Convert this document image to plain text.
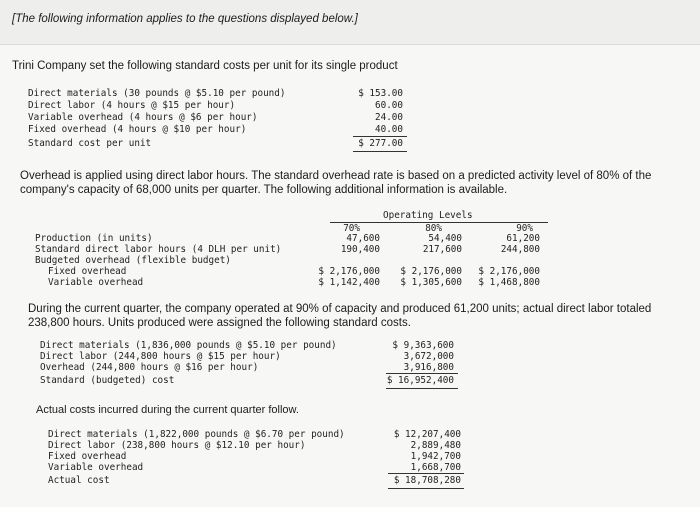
[The following information applies to the questions displayed below.]
Trini Company set the following standard costs per unit for its single product
Direct materials (30 pounds @ $5.10 per pound)	$ 153.00
Direct labor (4 hours @ $15 per hour)	60.00
Variable overhead (4 hours @ $6 per hour)	24.00
Fixed overhead (4 hours @ $10 per hour)	40.00
Standard cost per unit	$ 277.00
Overhead is applied using direct labor hours. The standard overhead rate is based on a predicted activity level of 80% of the company's capacity of 68,000 units per quarter. The following additional information is available.
Operating Levels
70%	80%	90%
Production (in units)	47,600	54,400	61,200
Standard direct labor hours (4 DLH per unit)	190,400	217,600	244,800
Budgeted overhead (flexible budget)
Fixed overhead	$ 2,176,000	$ 2,176,000	$ 2,176,000
Variable overhead	$ 1,142,400	$ 1,305,600	$ 1,468,800
During the current quarter, the company operated at 90% of capacity and produced 61,200 units; actual direct labor totaled 238,800 hours. Units produced were assigned the following standard costs.
Direct materials (1,836,000 pounds @ $5.10 per pound)	$ 9,363,600
Direct labor (244,800 hours @ $15 per hour)	3,672,000
Overhead (244,800 hours @ $16 per hour)	3,916,800
Standard (budgeted) cost	$ 16,952,400
Actual costs incurred during the current quarter follow.
Direct materials (1,822,000 pounds @ $6.70 per pound)	$ 12,207,400
Direct labor (238,800 hours @ $12.10 per hour)	2,889,480
Fixed overhead	1,942,700
Variable overhead	1,668,700
Actual cost	$ 18,708,280
